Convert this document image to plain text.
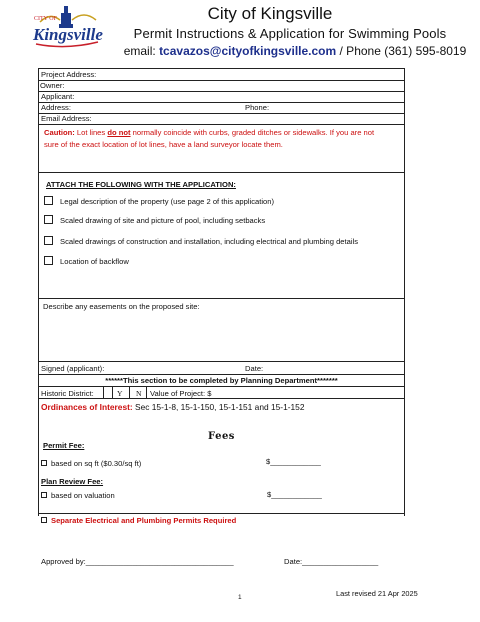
CITY OF
Kingsville
City of Kingsville
Permit Instructions & Application for Swimming Pools
email: tcavazos@cityofkingsville.com / Phone (361) 595-8019
Project Address:
Owner:
Applicant:
Address:	Phone:
Email Address:
Caution: Lot lines do not normally coincide with curbs, graded ditches or sidewalks. If you are not
sure of the exact location of lot lines, have a land surveyor locate them.
ATTACH THE FOLLOWING WITH THE APPLICATION:
Legal description of the property (use page 2 of this application)
Scaled drawing of site and picture of pool, including setbacks
Scaled drawings of construction and installation, including electrical and plumbing details
Location of backflow
Describe any easements on the proposed site:
Signed (applicant):	Date:
******This section to be completed by Planning Department*******
Historic District:	Y N Value of Project: $
Ordinances of Interest: Sec 15-1-8, 15-1-150, 15-1-151 and 15-1-152
Fees
Permit Fee:
based on sq ft ($0.30/sq ft)	$____________
Plan Review Fee:
based on valuation	$____________
Separate Electrical and Plumbing Permits Required
Approved by:___________________________________	Date:__________________
1	Last revised 21 Apr 2025
